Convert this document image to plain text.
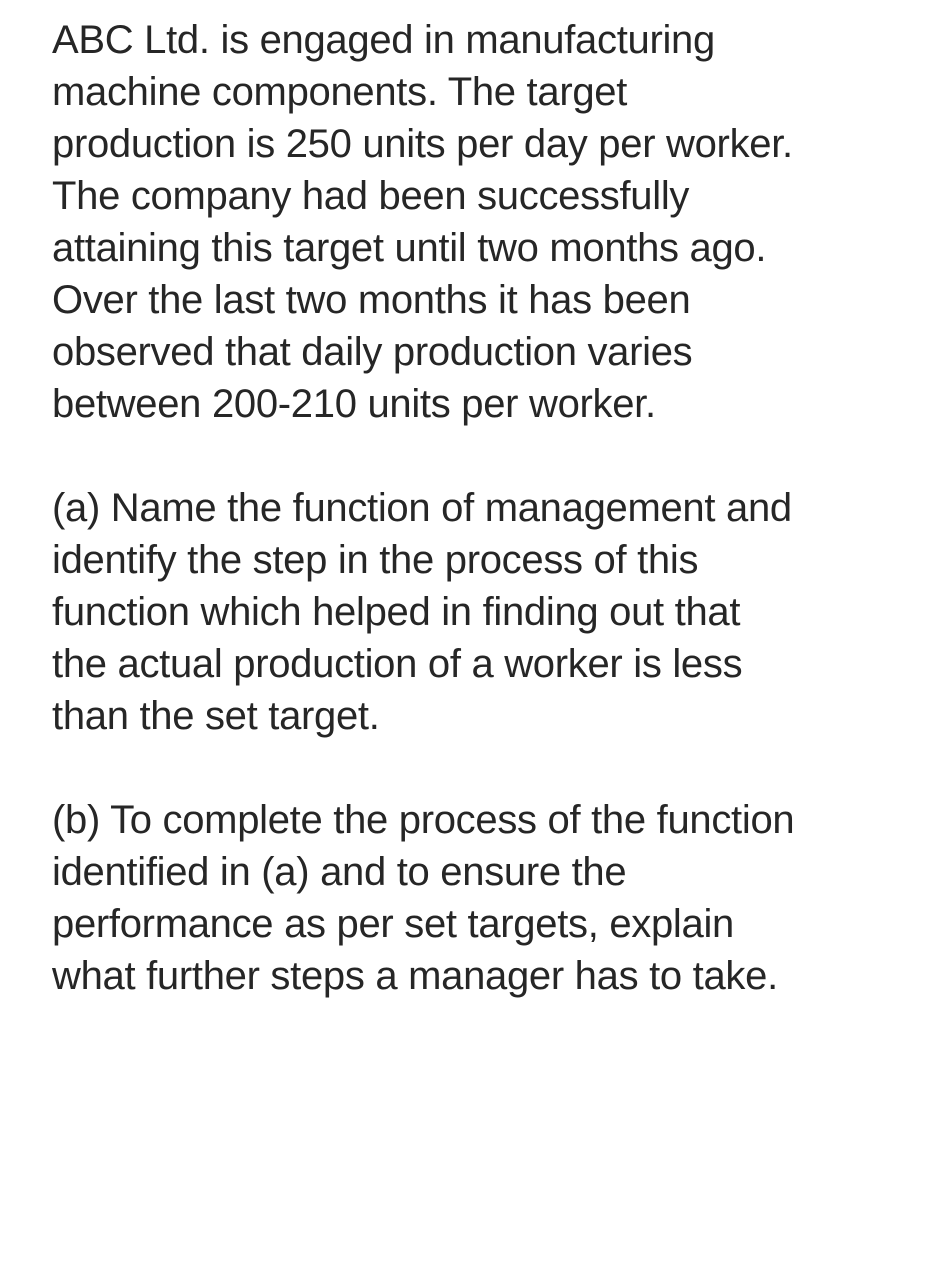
ABC Ltd. is engaged in manufacturing
machine components. The target
production is 250 units per day per worker.
The company had been successfully
attaining this target until two months ago.
Over the last two months it has been
observed that daily production varies
between 200-210 units per worker.
(a) Name the function of management and
identify the step in the process of this
function which helped in finding out that
the actual production of a worker is less
than the set target.
(b) To complete the process of the function
identified in (a) and to ensure the
performance as per set targets, explain
what further steps a manager has to take.
